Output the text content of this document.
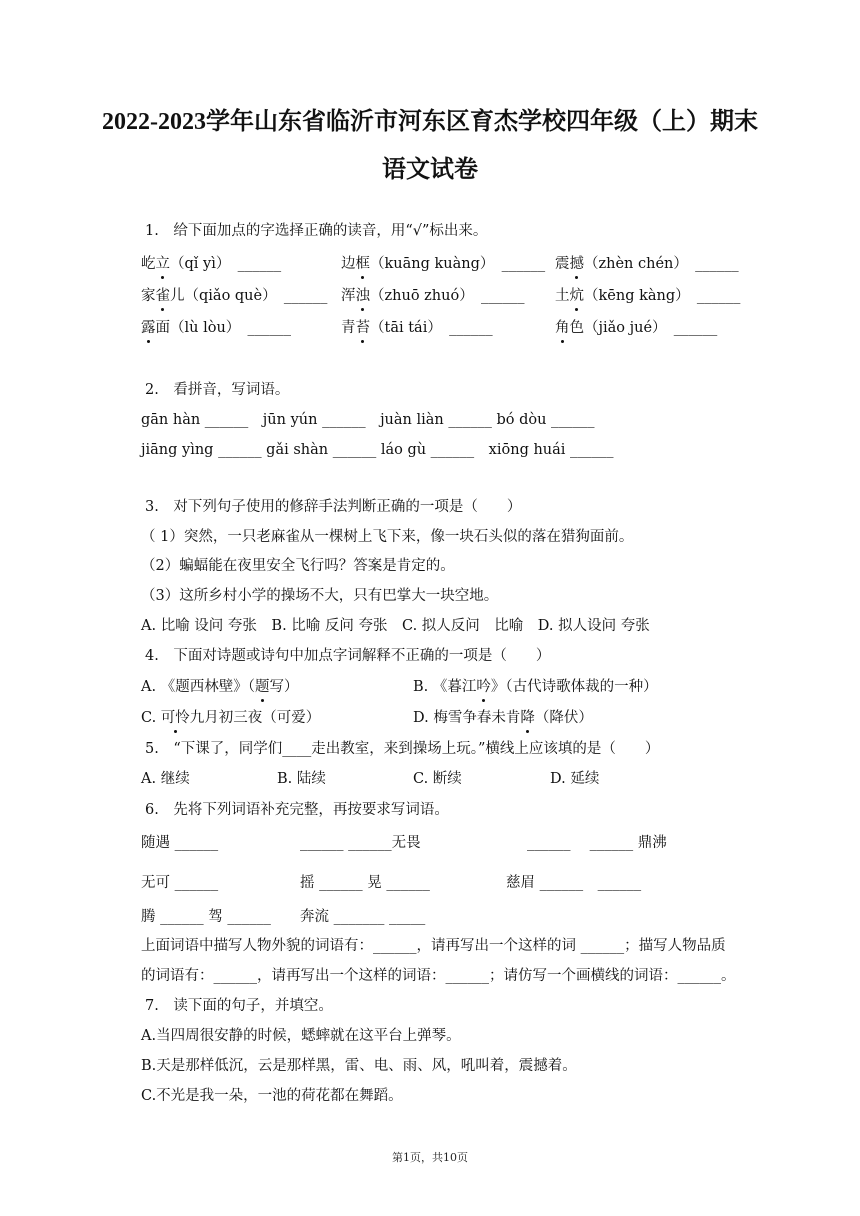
2022-2023学年山东省临沂市河东区育杰学校四年级（上）期末
语文试卷
1.　给下面加点的字选择正确的读音，用“√”标出来。
屹立（qǐ yì）　______	边框（kuāng kuàng）　______ 震撼（zhèn chén）　______
家雀儿（qiǎo què）　______ 浑浊（zhuō zhuó）　______ 土炕（kēng kàng）　______
露面（lù lòu）　______	青苔（tāi tái）　______	角色（jiǎo jué）　______
2.　看拼音，写词语。
gān hàn ______　jūn yún ______　juàn liàn ______ bó dòu ______
jiāng yìng ______ gǎi shàn ______ láo gù ______　xiōng huái ______
3.　对下列句子使用的修辞手法判断正确的一项是（　　）
（ 1）突然，一只老麻雀从一棵树上飞下来，像一块石头似的落在猎狗面前。
（2）蝙蝠能在夜里安全飞行吗？答案是肯定的。
（3）这所乡村小学的操场不大，只有巴掌大一块空地。
A. 比喻 设问 夸张　B. 比喻 反问 夸张　C. 拟人反问　比喻　D. 拟人设问 夸张
4.　下面对诗题或诗句中加点字词解释不正确的一项是（　　）
A. 《题西林壁》（题写）	B. 《暮江吟》（古代诗歌体裁的一种）
C. 可怜九月初三夜（可爱）	D. 梅雪争春未肯降（降伏）
5.　“下课了，同学们____走出教室，来到操场上玩。”横线上应该填的是（　　）
A. 继续	B. 陆续	C. 断续	D. 延续
6.　先将下列词语补充完整，再按要求写词语。
随遇 ______	______ ______无畏	______　 ______ 鼎沸
无可 ______	摇 ______ 晃 ______	慈眉 ______　______
腾 ______ 驾 ______ 奔流 _______ _____
上面词语中描写人物外貌的词语有：______，请再写出一个这样的词 ______；描写人物品质
的词语有：______，请再写出一个这样的词语：______；请仿写一个画横线的词语：______。
7.　读下面的句子，并填空。
A.当四周很安静的时候，蟋蟀就在这平台上弹琴。
B.天是那样低沉，云是那样黑，雷、电、雨、风，吼叫着，震撼着。
C.不光是我一朵，一池的荷花都在舞蹈。
第1页，共10页
